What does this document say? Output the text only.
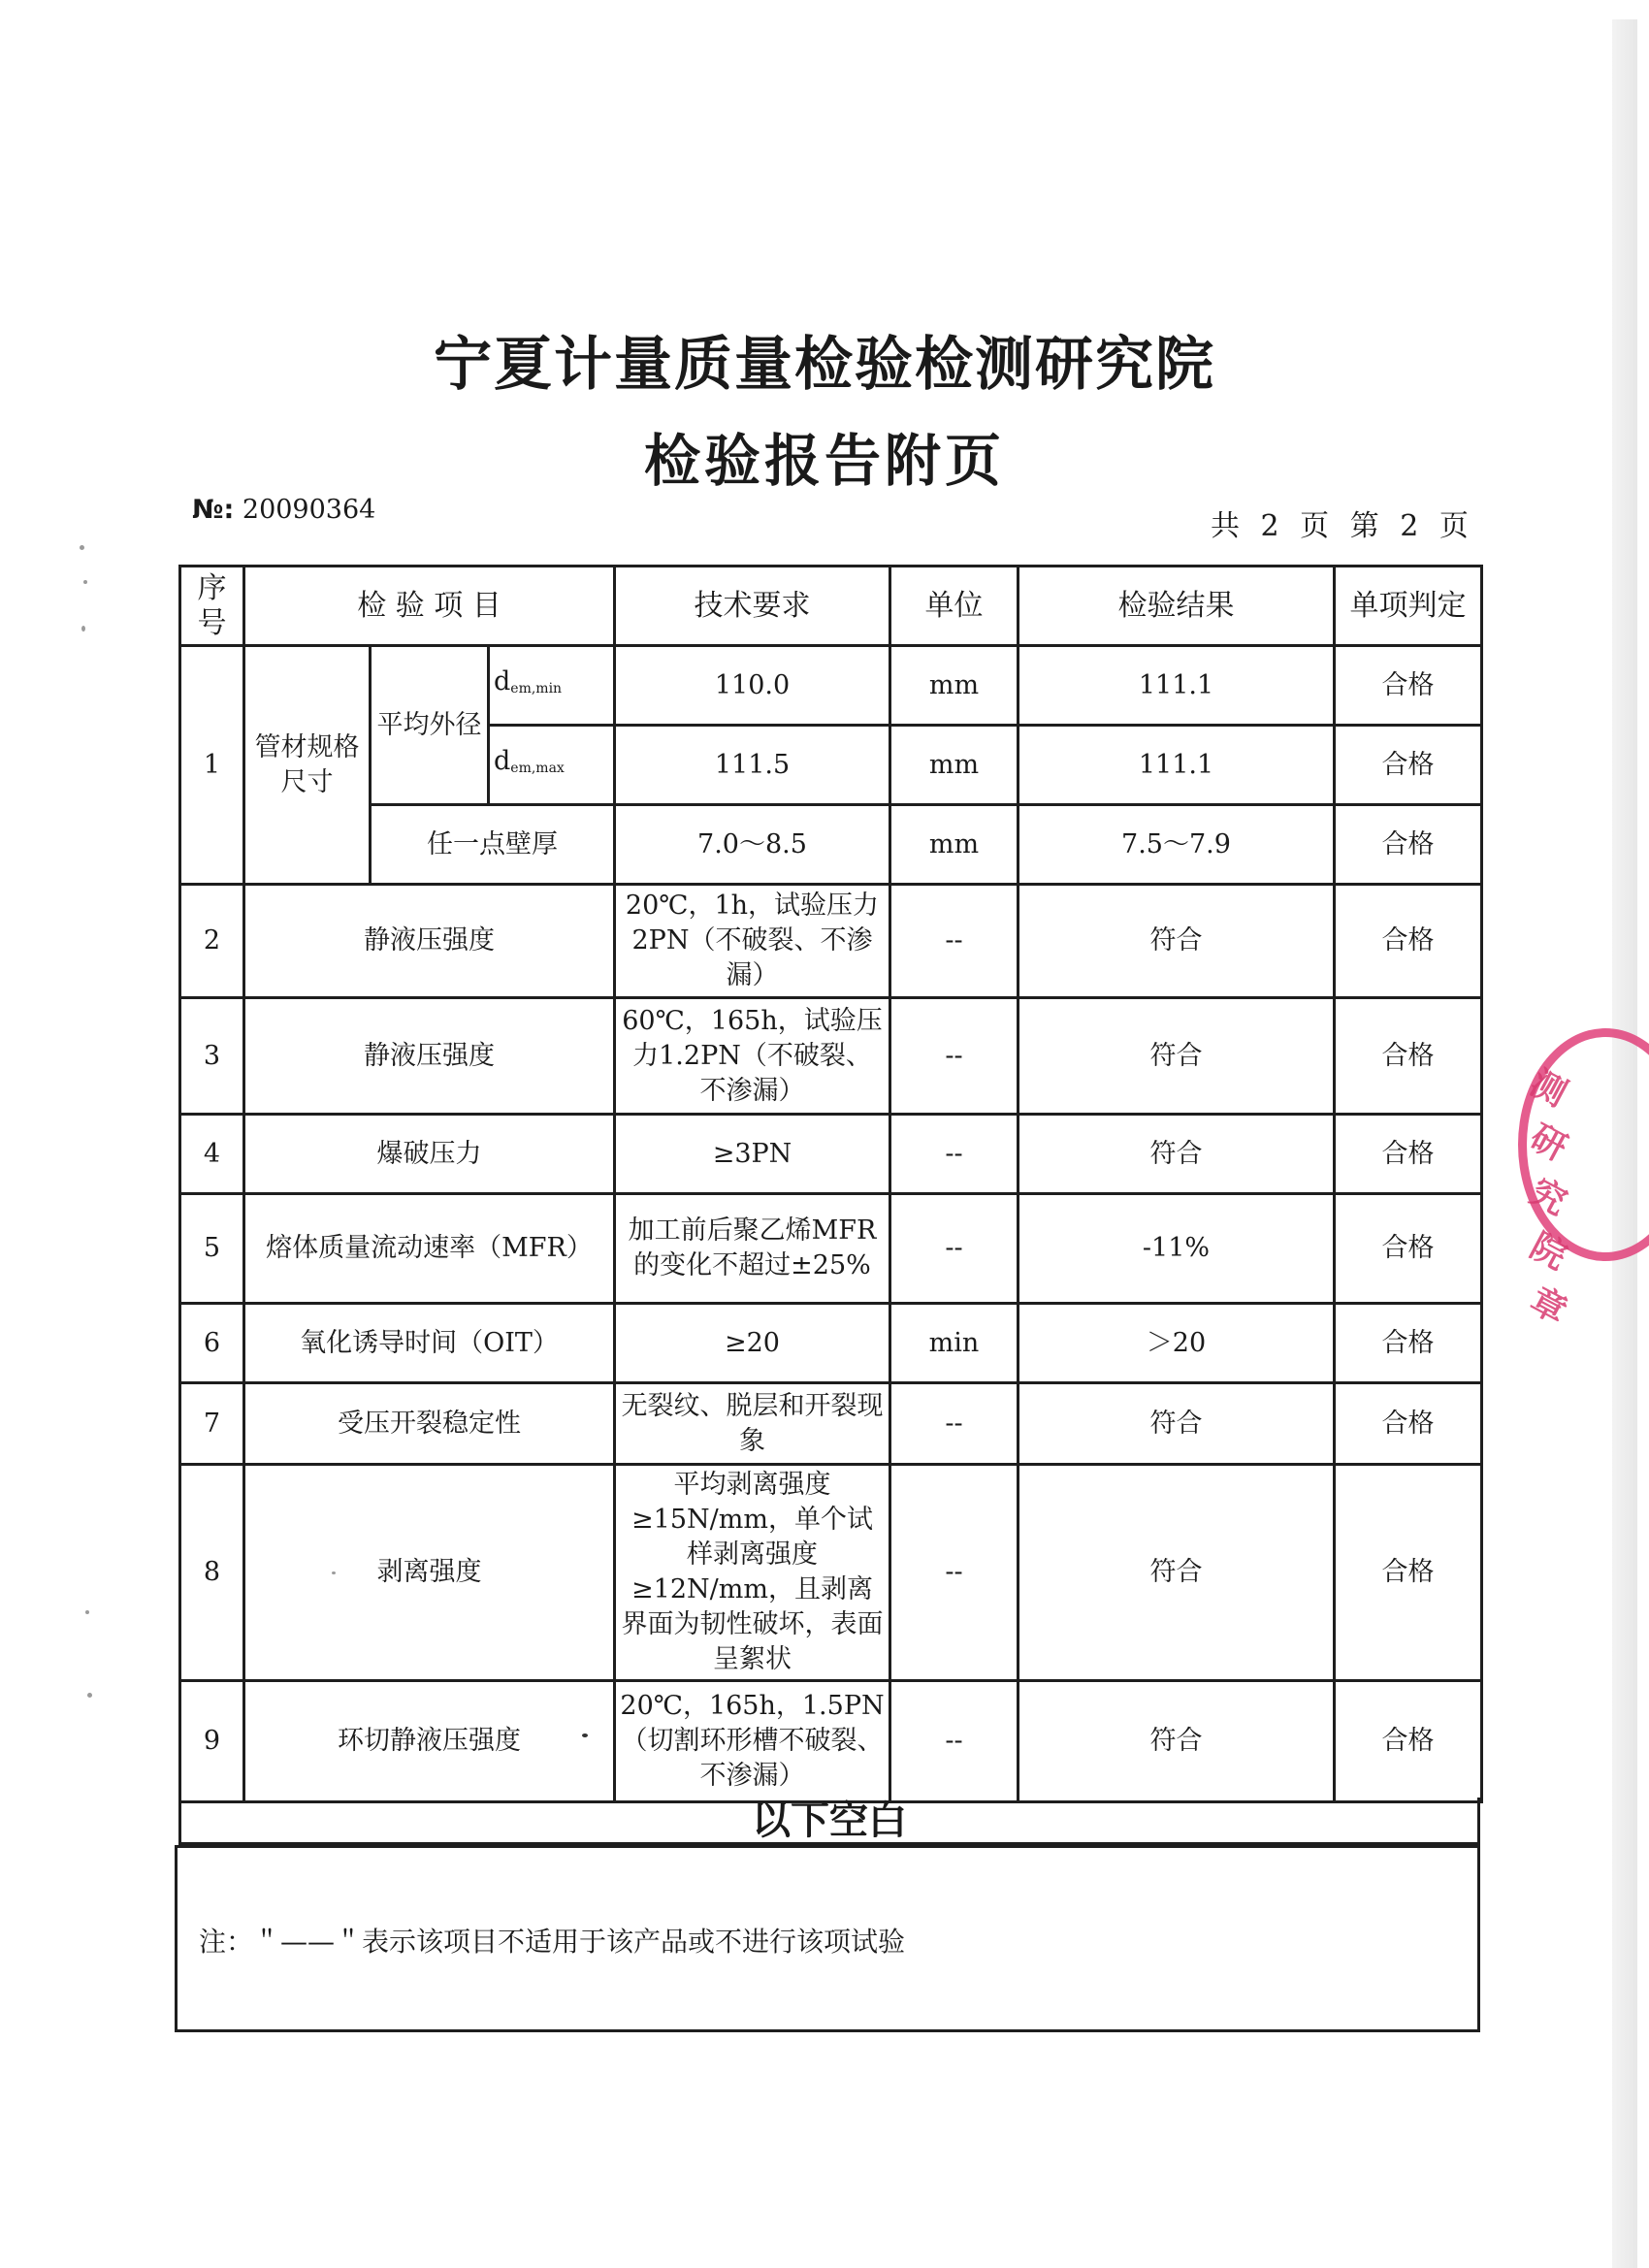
宁夏计量质量检验检测研究院
检验报告附页
№: 20090364	共 2 页 第 2 页
序号	检 验 项 目			技术要求	单位	检验结果	单项判定
1	管材规格尺寸	平均外径	$d_{em,min}$	110.0	mm	111.1	合格
			$d_{em,max}$	111.5	mm	111.1	合格
		任一点壁厚		7.0～8.5	mm	7.5～7.9	合格
2	静液压强度			20℃，1h，试验压力2PN（不破裂、不渗漏）	--	符合	合格
3	静液压强度			60℃，165h，试验压力1.2PN（不破裂、不渗漏）	--	符合	合格
4	爆破压力			≥3PN	--	符合	合格
5	熔体质量流动速率（MFR）			加工前后聚乙烯MFR的变化不超过±25%	--	-11%	合格
6	氧化诱导时间（OIT）			≥20	min	＞20	合格
7	受压开裂稳定性			无裂纹、脱层和开裂现象	--	符合	合格
8	剥离强度			平均剥离强度≥15N/mm，单个试样剥离强度≥12N/mm，且剥离界面为韧性破坏，表面呈絮状	--	符合	合格
9	环切静液压强度			20℃，165h，1.5PN（切割环形槽不破裂、不渗漏）	--	符合	合格
以下空白
注：＂——＂表示该项目不适用于该产品或不进行该项试验
测
研
究
院
章
